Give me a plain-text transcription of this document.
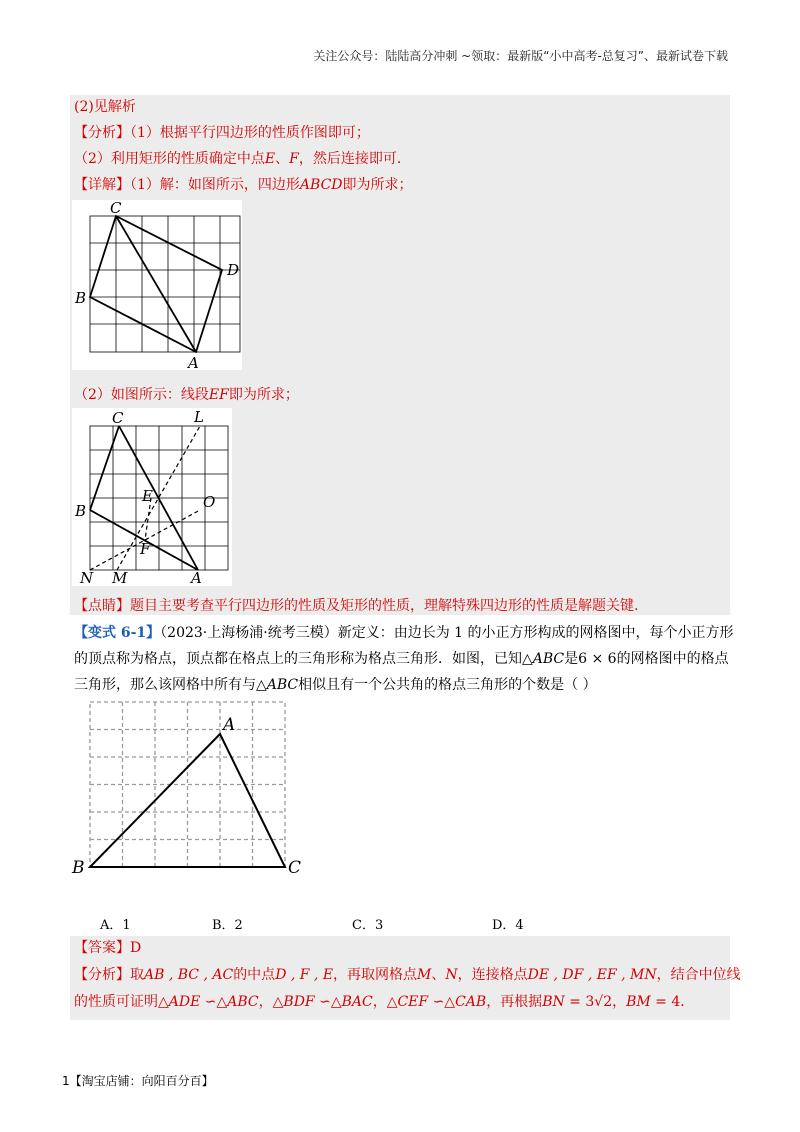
关注公众号：陆陆高分冲刺 ~领取：最新版“小中高考-总复习”、最新试卷下载
(2)见解析
【分析】（1）根据平行四边形的性质作图即可；
（2）利用矩形的性质确定中点E、F，然后连接即可．
【详解】（1）解：如图所示，四边形ABCD即为所求；
C
D
B
A
（2）如图所示：线段EF即为所求；
C	L
E	O
B
F
N M	A
【点睛】题目主要考查平行四边形的性质及矩形的性质，理解特殊四边形的性质是解题关键.
【变式 6-1】（2023·上海杨浦·统考三模）新定义：由边长为 1 的小正方形构成的网格图中，每个小正方形
的顶点称为格点，顶点都在格点上的三角形称为格点三角形．如图，已知△ABC是6 × 6的网格图中的格点
三角形，那么该网格中所有与△ABC相似且有一个公共角的格点三角形的个数是（ ）
A
B	C
A．1	B．2	C．3	D．4
【答案】D
【分析】取AB , BC , AC的中点D , F , E，再取网格点M、N，连接格点DE , DF , EF , MN，结合中位线
的性质可证明△ADE ∽△ABC，△BDF ∽△BAC，△CEF ∽△CAB，再根据BN = 3√2，BM = 4．
1【淘宝店铺：向阳百分百】
